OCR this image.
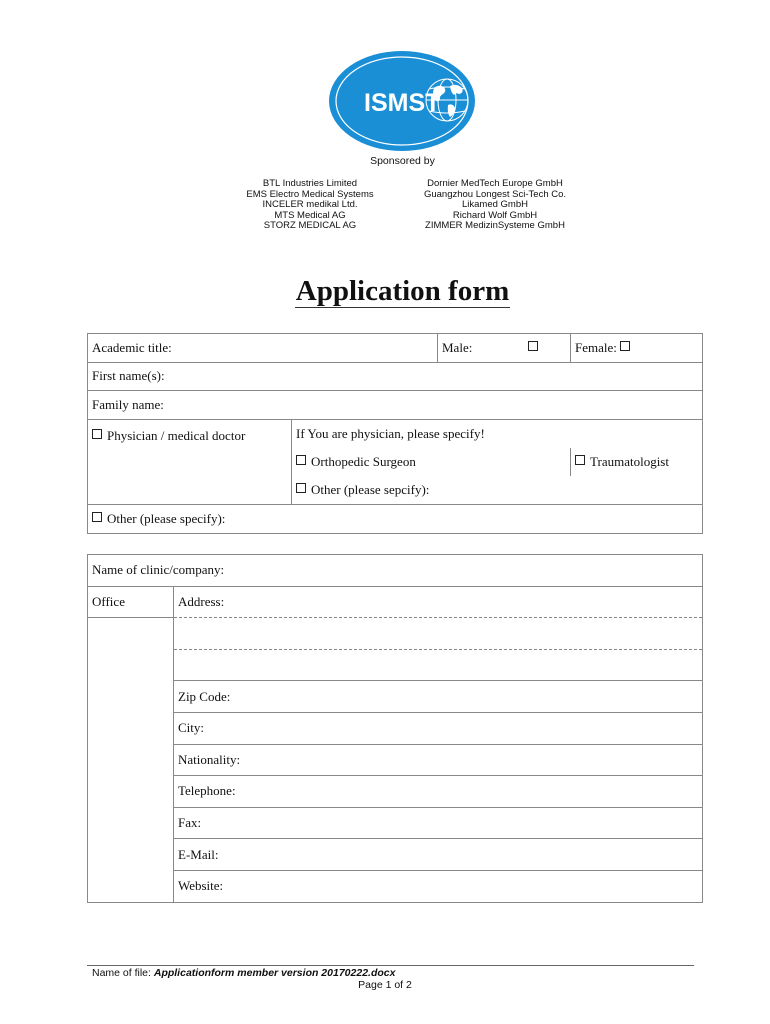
ISMST
Sponsored by
BTL Industries Limited
EMS Electro Medical Systems
INCELER medikal Ltd.
MTS Medical AG
STORZ MEDICAL AG
Dornier MedTech Europe GmbH
Guangzhou Longest Sci-Tech Co.
Likamed GmbH
Richard Wolf GmbH
ZIMMER MedizinSysteme GmbH
Application form
Academic title:		Male:	Female:
First name(s):			
Family name:			
Physician / medical doctor	If You are physician, please specify!		
	Orthopedic Surgeon		Traumatologist
	Other (please sepcify):		
Other (please specify):			
Name of clinic/company:	
Office	Address:

	Zip Code:
	City:
	Nationality:
	Telephone:
	Fax:
	E-Mail:
	Website:
Name of file: Applicationform member version 20170222.docx
Page 1 of 2
